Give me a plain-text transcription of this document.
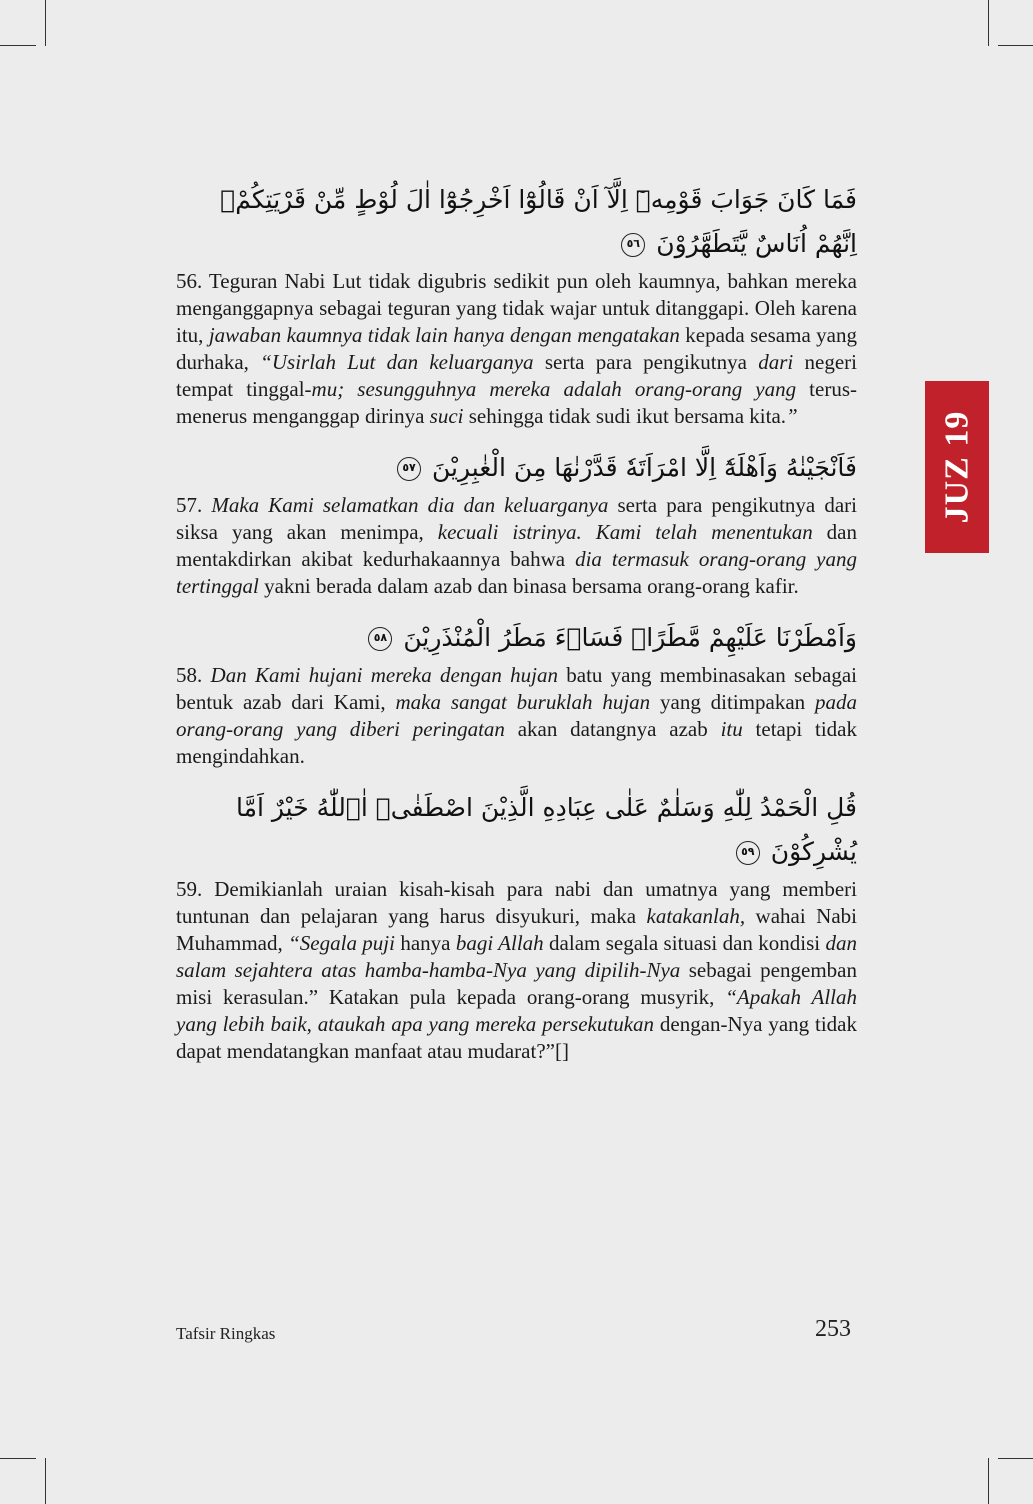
JUZ 19
فَمَا كَانَ جَوَابَ قَوْمِهٖٓ اِلَّآ اَنْ قَالُوْٓا اَخْرِجُوْٓا اٰلَ لُوْطٍ مِّنْ قَرْيَتِكُمْۙ اِنَّهُمْ اُنَاسٌ يَّتَطَهَّرُوْنَ ٥٦

56. Teguran Nabi Lut tidak digubris sedikit pun oleh kaumnya, bahkan mereka menganggapnya sebagai teguran yang tidak wajar untuk ditanggapi. Oleh karena itu, jawaban kaumnya tidak lain hanya dengan mengatakan kepada sesama yang durhaka, “Usirlah Lut dan keluarganya serta para pengikutnya dari negeri tempat tinggal-mu; sesungguhnya mereka adalah orang-orang yang terus-menerus menganggap dirinya suci sehingga tidak sudi ikut bersama kita.”

فَاَنْجَيْنٰهُ وَاَهْلَهٗٓ اِلَّا امْرَاَتَهٗ قَدَّرْنٰهَا مِنَ الْغٰبِرِيْنَ ٥٧

57. Maka Kami selamatkan dia dan keluarganya serta para pengikutnya dari siksa yang akan menimpa, kecuali istrinya. Kami telah menentukan dan mentakdirkan akibat kedurhakaannya bahwa dia termasuk orang-orang yang tertinggal yakni berada dalam azab dan binasa bersama orang-orang kafir.

وَاَمْطَرْنَا عَلَيْهِمْ مَّطَرًاۚ فَسَاۤءَ مَطَرُ الْمُنْذَرِيْنَ ٥٨

58. Dan Kami hujani mereka dengan hujan batu yang membinasakan sebagai bentuk azab dari Kami, maka sangat buruklah hujan yang ditimpakan pada orang-orang yang diberi peringatan akan datangnya azab itu tetapi tidak mengindahkan.

قُلِ الْحَمْدُ لِلّٰهِ وَسَلٰمٌ عَلٰى عِبَادِهِ الَّذِيْنَ اصْطَفٰىۗ اٰۤللّٰهُ خَيْرٌ اَمَّا يُشْرِكُوْنَ ٥٩

59. Demikianlah uraian kisah-kisah para nabi dan umatnya yang memberi tuntunan dan pelajaran yang harus disyukuri, maka katakanlah, wahai Nabi Muhammad, “Segala puji hanya bagi Allah dalam segala situasi dan kondisi dan salam sejahtera atas hamba-hamba-Nya yang dipilih-Nya sebagai pengemban misi kerasulan.” Katakan pula kepada orang-orang musyrik, “Apakah Allah yang lebih baik, ataukah apa yang mereka persekutukan dengan-Nya yang tidak dapat mendatangkan manfaat atau mudarat?”[]

Tafsir Ringkas	253
